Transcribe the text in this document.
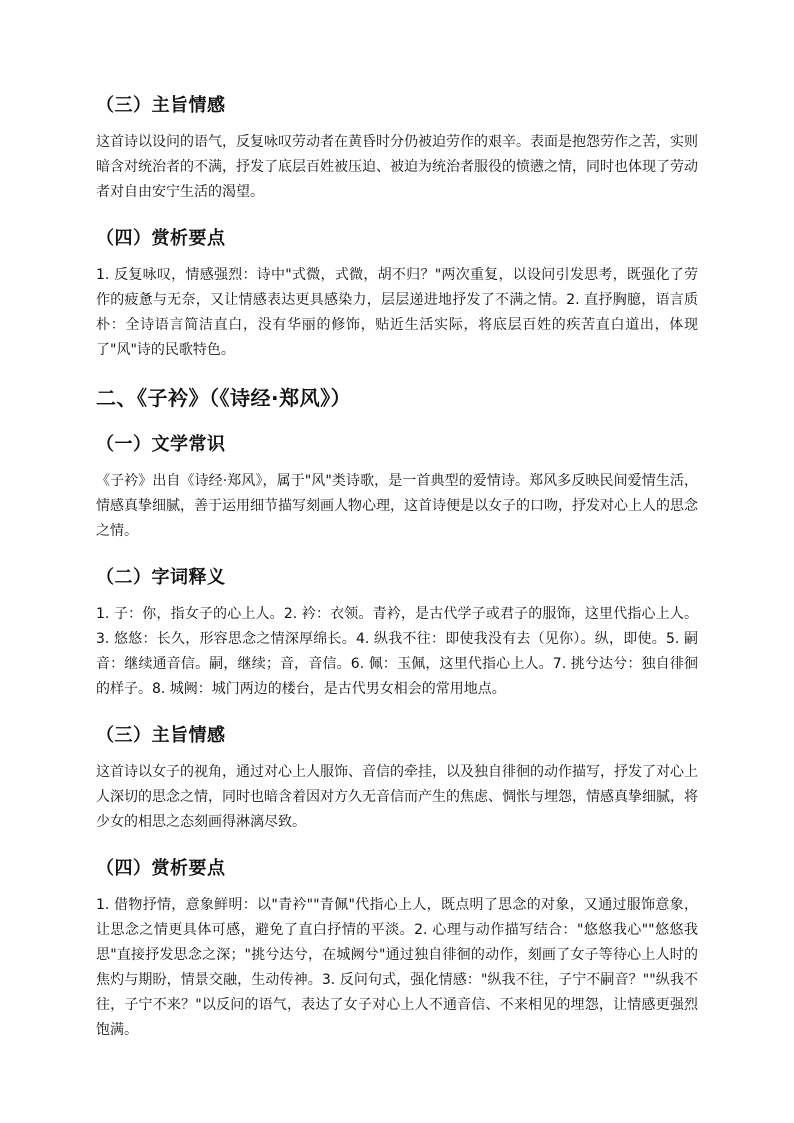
（三）主旨情感
这首诗以设问的语气，反复咏叹劳动者在黄昏时分仍被迫劳作的艰辛。表面是抱怨劳作之苦，实则暗含对统治者的不满，抒发了底层百姓被压迫、被迫为统治者服役的愤懑之情，同时也体现了劳动者对自由安宁生活的渴望。
（四）赏析要点
1. 反复咏叹，情感强烈：诗中"式微，式微，胡不归？"两次重复，以设问引发思考，既强化了劳作的疲惫与无奈，又让情感表达更具感染力，层层递进地抒发了不满之情。2. 直抒胸臆，语言质朴：全诗语言简洁直白，没有华丽的修饰，贴近生活实际，将底层百姓的疾苦直白道出，体现了"风"诗的民歌特色。
二、《子衿》（《诗经·郑风》）
（一）文学常识
《子衿》出自《诗经·郑风》，属于"风"类诗歌，是一首典型的爱情诗。郑风多反映民间爱情生活，情感真挚细腻，善于运用细节描写刻画人物心理，这首诗便是以女子的口吻，抒发对心上人的思念之情。
（二）字词释义
1. 子：你，指女子的心上人。2. 衿：衣领。青衿，是古代学子或君子的服饰，这里代指心上人。3. 悠悠：长久，形容思念之情深厚绵长。4. 纵我不往：即使我没有去（见你）。纵，即使。5. 嗣音：继续通音信。嗣，继续；音，音信。6. 佩：玉佩，这里代指心上人。7. 挑兮达兮：独自徘徊的样子。8. 城阙：城门两边的楼台，是古代男女相会的常用地点。
（三）主旨情感
这首诗以女子的视角，通过对心上人服饰、音信的牵挂，以及独自徘徊的动作描写，抒发了对心上人深切的思念之情，同时也暗含着因对方久无音信而产生的焦虑、惆怅与埋怨，情感真挚细腻，将少女的相思之态刻画得淋漓尽致。
（四）赏析要点
1. 借物抒情，意象鲜明：以"青衿""青佩"代指心上人，既点明了思念的对象，又通过服饰意象，让思念之情更具体可感，避免了直白抒情的平淡。2. 心理与动作描写结合："悠悠我心""悠悠我思"直接抒发思念之深；"挑兮达兮，在城阙兮"通过独自徘徊的动作，刻画了女子等待心上人时的焦灼与期盼，情景交融，生动传神。3. 反问句式，强化情感："纵我不往，子宁不嗣音？""纵我不往，子宁不来？"以反问的语气，表达了女子对心上人不通音信、不来相见的埋怨，让情感更强烈饱满。
